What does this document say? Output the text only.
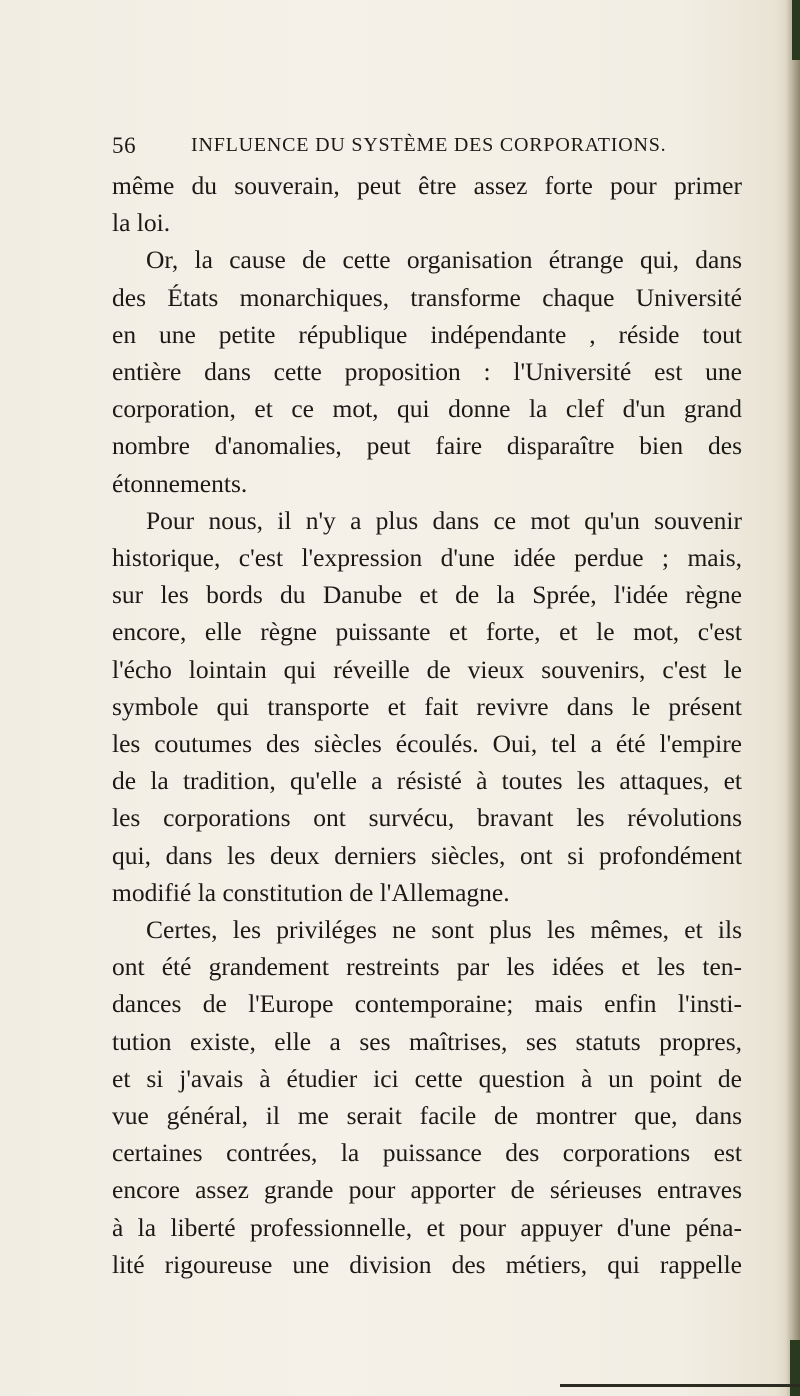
56	INFLUENCE DU SYSTÈME DES CORPORATIONS.
même du souverain, peut être assez forte pour primer
la loi.
Or, la cause de cette organisation étrange qui, dans
des États monarchiques, transforme chaque Université
en une petite république indépendante , réside tout
entière dans cette proposition : l'Université est une
corporation, et ce mot, qui donne la clef d'un grand
nombre d'anomalies, peut faire disparaître bien des
étonnements.
Pour nous, il n'y a plus dans ce mot qu'un souvenir
historique, c'est l'expression d'une idée perdue ; mais,
sur les bords du Danube et de la Sprée, l'idée règne
encore, elle règne puissante et forte, et le mot, c'est
l'écho lointain qui réveille de vieux souvenirs, c'est le
symbole qui transporte et fait revivre dans le présent
les coutumes des siècles écoulés. Oui, tel a été l'empire
de la tradition, qu'elle a résisté à toutes les attaques, et
les corporations ont survécu, bravant les révolutions
qui, dans les deux derniers siècles, ont si profondément
modifié la constitution de l'Allemagne.
Certes, les priviléges ne sont plus les mêmes, et ils
ont été grandement restreints par les idées et les ten-
dances de l'Europe contemporaine; mais enfin l'insti-
tution existe, elle a ses maîtrises, ses statuts propres,
et si j'avais à étudier ici cette question à un point de
vue général, il me serait facile de montrer que, dans
certaines contrées, la puissance des corporations est
encore assez grande pour apporter de sérieuses entraves
à la liberté professionnelle, et pour appuyer d'une péna-
lité rigoureuse une division des métiers, qui rappelle
